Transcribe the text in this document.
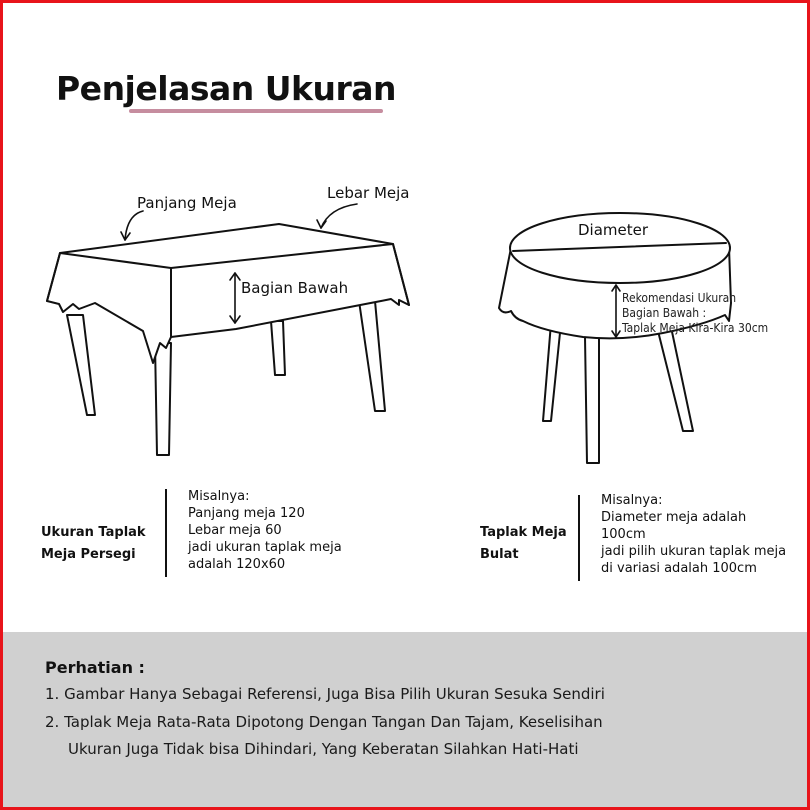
Penjelasan Ukuran
Panjang Meja
Lebar Meja
Bagian Bawah
Diameter
Rekomendasi Ukuran
Bagian Bawah :
Taplak Meja Kira-Kira 30cm
Ukuran Taplak
Meja Persegi
Misalnya:
Panjang meja 120
Lebar meja 60
jadi ukuran taplak meja
adalah 120x60
Taplak Meja
Bulat
Misalnya:
Diameter meja adalah
100cm
jadi pilih ukuran taplak meja
di variasi adalah 100cm
Perhatian :
1. Gambar Hanya Sebagai Referensi, Juga Bisa Pilih Ukuran Sesuka Sendiri
2. Taplak Meja Rata-Rata Dipotong Dengan Tangan Dan Tajam, Keselisihan
Ukuran Juga Tidak bisa Dihindari, Yang Keberatan Silahkan Hati-Hati
